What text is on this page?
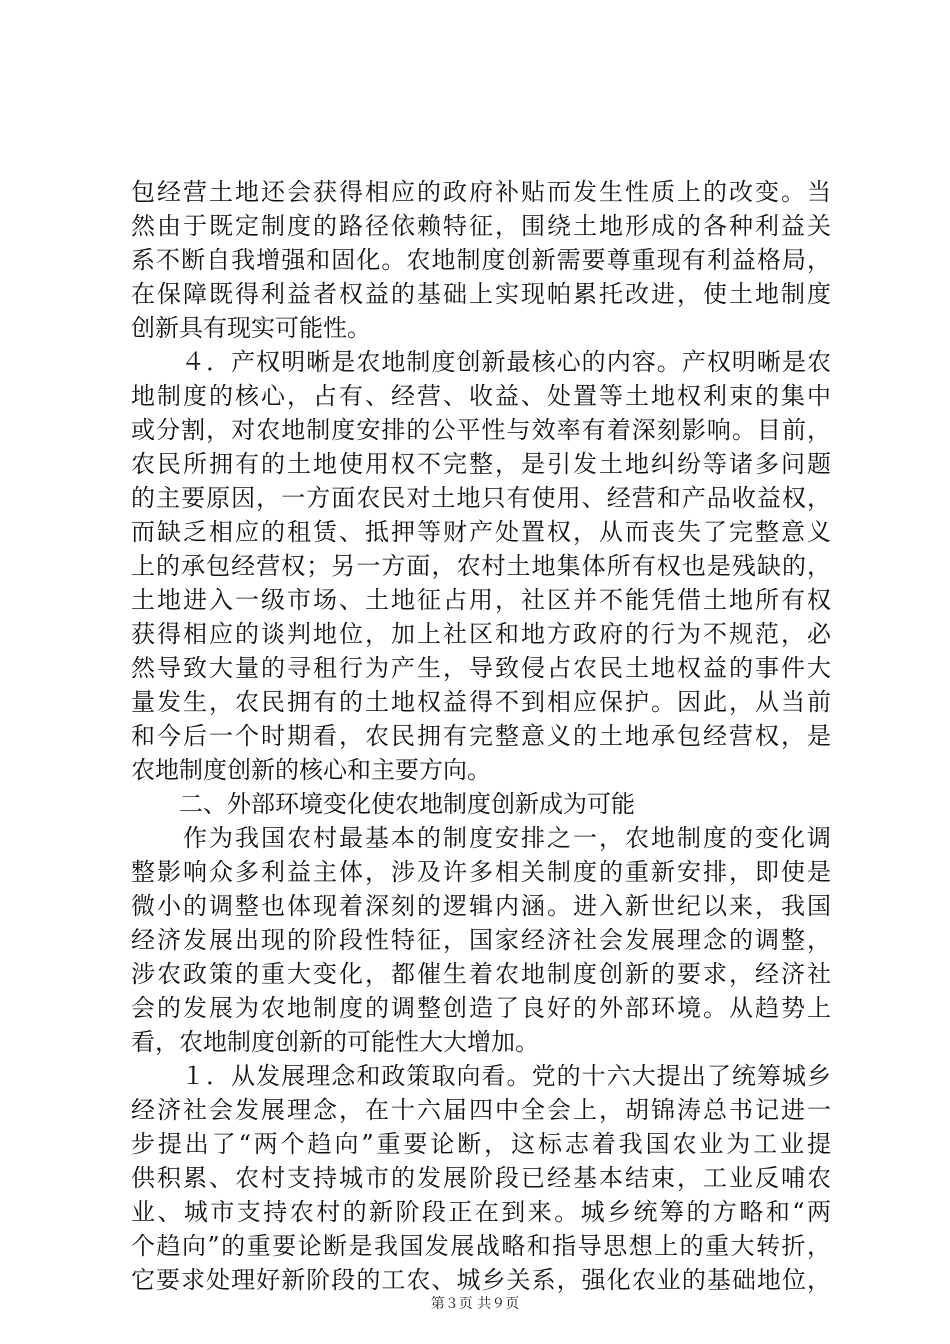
包经营土地还会获得相应的政府补贴而发生性质上的改变。当
然由于既定制度的路径依赖特征，围绕土地形成的各种利益关
系不断自我增强和固化。农地制度创新需要尊重现有利益格局，
在保障既得利益者权益的基础上实现帕累托改进，使土地制度
创新具有现实可能性。
　　４．产权明晰是农地制度创新最核心的内容。产权明晰是农
地制度的核心，占有、经营、收益、处置等土地权利束的集中
或分割，对农地制度安排的公平性与效率有着深刻影响。目前，
农民所拥有的土地使用权不完整，是引发土地纠纷等诸多问题
的主要原因，一方面农民对土地只有使用、经营和产品收益权，
而缺乏相应的租赁、抵押等财产处置权，从而丧失了完整意义
上的承包经营权；另一方面，农村土地集体所有权也是残缺的，
土地进入一级市场、土地征占用，社区并不能凭借土地所有权
获得相应的谈判地位，加上社区和地方政府的行为不规范，必
然导致大量的寻租行为产生，导致侵占农民土地权益的事件大
量发生，农民拥有的土地权益得不到相应保护。因此，从当前
和今后一个时期看，农民拥有完整意义的土地承包经营权，是
农地制度创新的核心和主要方向。
　　二、外部环境变化使农地制度创新成为可能
　　作为我国农村最基本的制度安排之一，农地制度的变化调
整影响众多利益主体，涉及许多相关制度的重新安排，即使是
微小的调整也体现着深刻的逻辑内涵。进入新世纪以来，我国
经济发展出现的阶段性特征，国家经济社会发展理念的调整，
涉农政策的重大变化，都催生着农地制度创新的要求，经济社
会的发展为农地制度的调整创造了良好的外部环境。从趋势上
看，农地制度创新的可能性大大增加。
　　１．从发展理念和政策取向看。党的十六大提出了统筹城乡
经济社会发展理念，在十六届四中全会上，胡锦涛总书记进一
步提出了“两个趋向”重要论断，这标志着我国农业为工业提
供积累、农村支持城市的发展阶段已经基本结束，工业反哺农
业、城市支持农村的新阶段正在到来。城乡统筹的方略和“两
个趋向”的重要论断是我国发展战略和指导思想上的重大转折，
它要求处理好新阶段的工农、城乡关系，强化农业的基础地位，
第３页 共９页
